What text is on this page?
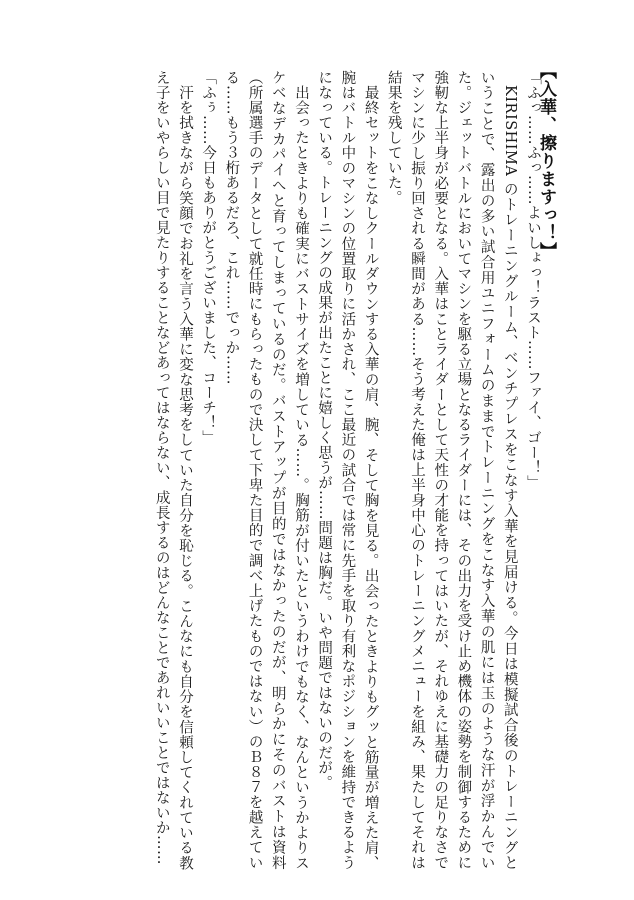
【入華、擦りますっ！】

「ふっ……ふっ……よいしょっ！ラスト……ファイ、ゴー！」

KIRISHIMA のトレーニングルーム、ベンチプレスをこなす入華を見届ける。今日は模擬試合後のトレーニングということで、露出の多い試合用ユニフォームのままでトレーニングをこなす入華の肌には玉のような汗が浮かんでいた。ジェットバトルにおいてマシンを駆る立場となるライダーには、その出力を受け止め機体の姿勢を制御するために強靭な上半身が必要となる。入華はことライダーとして天性の才能を持ってはいたが、それゆえに基礎力の足りなさでマシンに少し振り回される瞬間がある……そう考えた俺は上半身中心のトレーニングメニューを組み、果たしてそれは結果を残していた。

最終セットをこなしクールダウンする入華の肩、腕、そして胸を見る。出会ったときよりもグッと筋量が増えた肩、腕はバトル中のマシンの位置取りに活かされ、ここ最近の試合では常に先手を取り有利なポジションを維持できるようになっている。トレーニングの成果が出たことに嬉しく思うが……問題は胸だ。いや問題ではないのだが。

出会ったときよりも確実にバストサイズを増している……。胸筋が付いたというわけでもなく、なんというかよりスケベなデカパイへと育ってしまっているのだ。バストアップが目的ではなかったのだが、明らかにそのバストは資料（所属選手のデータとして就任時にもらったもので決して下卑た目的で調べ上げたものではない）のＢ８７を越えている……もう３桁あるだろ、これ……でっか……

「ふぅ……今日もありがとうございました、コーチ！」

汗を拭きながら笑顔でお礼を言う入華に変な思考をしていた自分を恥じる。こんなにも自分を信頼してくれている教え子をいやらしい目で見たりすることなどあってはならない、成長するのはどんなことであれいいことではないか……
